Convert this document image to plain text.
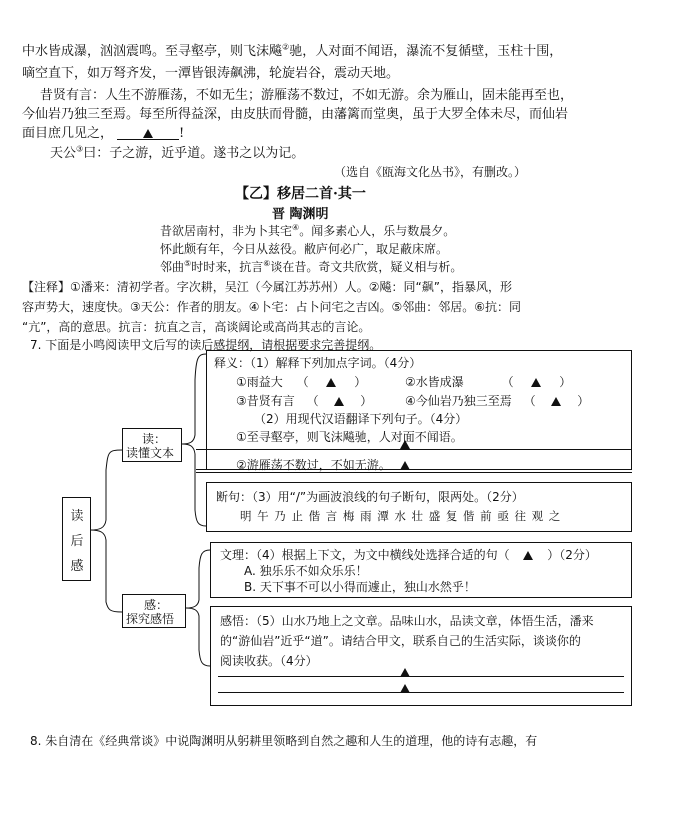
中水皆成瀑，汹汹震鸣。至寻壑亭，则飞沫飚②驰，人对面不闻语，瀑流不复循壁，玉柱十围，
嘀空直下，如万弩齐发，一潭皆银涛飙沸，轮旋岩谷，震动天地。
昔贤有言：人生不游雁荡，不如无生；游雁荡不数过，不如无游。余为雁山，固未能再至也，
今仙岩乃独三至焉。每至所得益深，由皮肤而骨髓，由藩篱而堂奥，虽于大罗全体未尽，而仙岩
面目庶几见之，	!
天公③曰：子之游，近乎道。遂书之以为记。
（选自《瓯海文化丛书》，有删改。）
【乙】移居二首·其一
晋 陶渊明
昔欲居南村，非为卜其宅④。闻多素心人，乐与数晨夕。
怀此颇有年，今日从兹役。敝庐何必广，取足蔽床席。
邻曲⑤时时来，抗言⑥谈在昔。奇文共欣赏，疑义相与析。
【注释】①潘来：清初学者。字次耕，吴江（今属江苏苏州）人。②飚：同“飙”，指暴风，形
容声势大，速度快。③天公：作者的朋友。④卜宅：占卜问宅之吉凶。⑤邻曲：邻居。⑥抗：同
“亢”，高的意思。抗言：抗直之言，高谈阔论或高尚其志的言论。
7. 下面是小鸣阅读甲文后写的读后感提纲，请根据要求完善提纲。
读
后
感
读：
读懂文本
感：
探究感悟
释义：（1）解释下列加点字词。（4分）
①雨益大 （	）	②水皆成瀑	（	）
③昔贤有言 （	）	④今仙岩乃独三至焉 （	）
（2）用现代汉语翻译下列句子。（4分）
①至寻壑亭，则飞沫飚驰，人对面不闻语。
②游雁荡不数过，不如无游。
断句：（3）用“/”为画波浪线的句子断句，限两处。（2分）
明 午 乃 止 偕 言 梅 雨 潭 水 壮 盛 复 偕 前 亟 往 观 之
文理：（4）根据上下文，为文中横线处选择合适的句（	）（2分）
A. 独乐乐不如众乐乐！
B. 天下事不可以小得而遽止，独山水然乎！
感悟：（5）山水乃地上之文章。品味山水，品读文章，体悟生活，潘来
的“游仙岩”近乎“道”。请结合甲文，联系自己的生活实际，谈谈你的
阅读收获。（4分）
8. 朱自清在《经典常谈》中说陶渊明从躬耕里领略到自然之趣和人生的道理，他的诗有志趣，有
